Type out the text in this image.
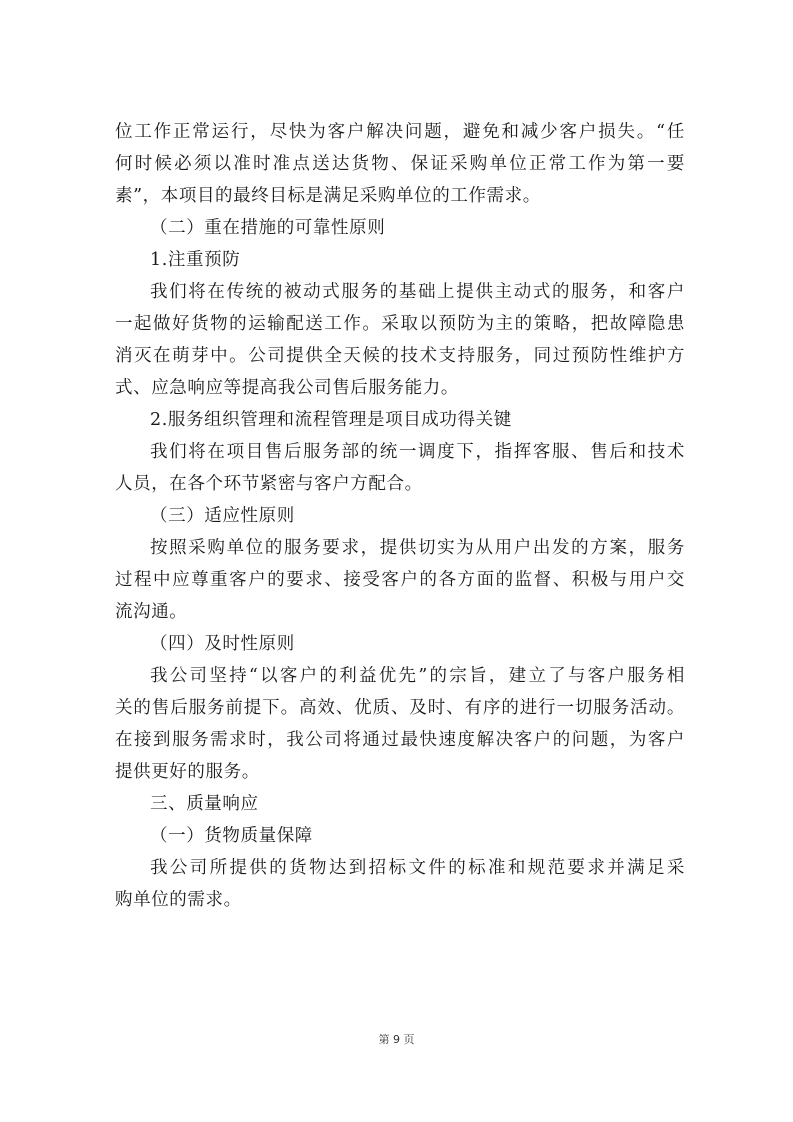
位工作正常运行，尽快为客户解决问题，避免和减少客户损失。“任
何时候必须以准时准点送达货物、保证采购单位正常工作为第一要
素”，本项目的最终目标是满足采购单位的工作需求。
（二）重在措施的可靠性原则
1.注重预防
我们将在传统的被动式服务的基础上提供主动式的服务，和客户
一起做好货物的运输配送工作。采取以预防为主的策略，把故障隐患
消灭在萌芽中。公司提供全天候的技术支持服务，同过预防性维护方
式、应急响应等提高我公司售后服务能力。
2.服务组织管理和流程管理是项目成功得关键
我们将在项目售后服务部的统一调度下，指挥客服、售后和技术
人员，在各个环节紧密与客户方配合。
（三）适应性原则
按照采购单位的服务要求，提供切实为从用户出发的方案，服务
过程中应尊重客户的要求、接受客户的各方面的监督、积极与用户交
流沟通。
（四）及时性原则
我公司坚持“以客户的利益优先”的宗旨，建立了与客户服务相
关的售后服务前提下。高效、优质、及时、有序的进行一切服务活动。
在接到服务需求时，我公司将通过最快速度解决客户的问题，为客户
提供更好的服务。
三、质量响应
（一）货物质量保障
我公司所提供的货物达到招标文件的标准和规范要求并满足采
购单位的需求。
第 9 页
